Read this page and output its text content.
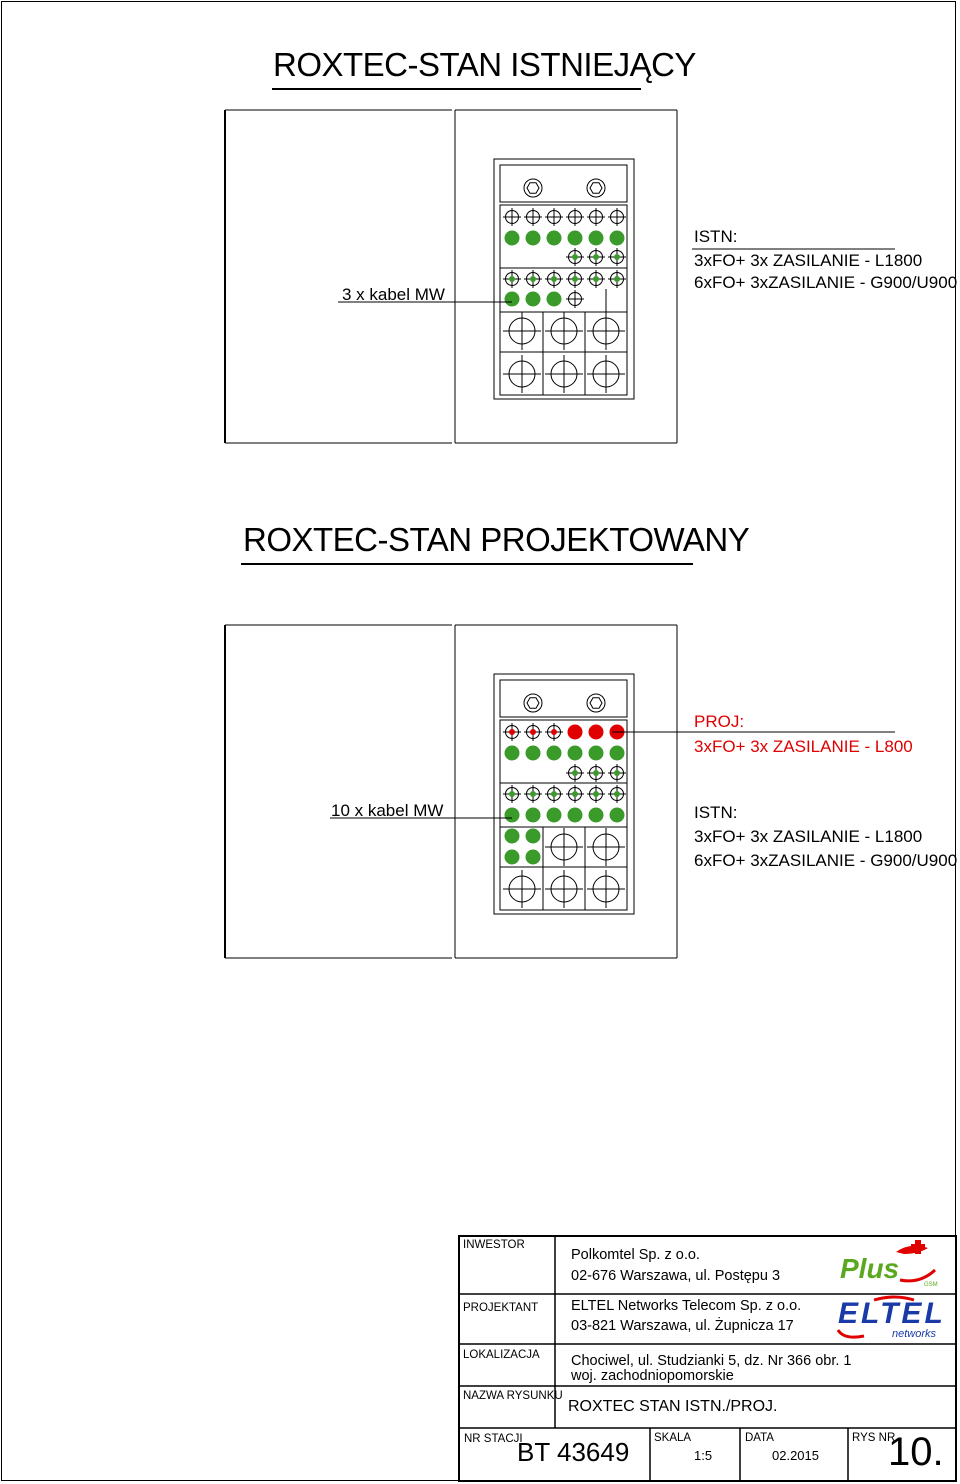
ROXTEC-STAN ISTNIEJĄCY
3 x kabel MW
ISTN:
3xFO+ 3x ZASILANIE - L1800
6xFO+ 3xZASILANIE - G900/U900
ROXTEC-STAN PROJEKTOWANY
PROJ:
3xFO+ 3x ZASILANIE - L800
10 x kabel MW	ISTN:
3xFO+ 3x ZASILANIE - L1800
6xFO+ 3xZASILANIE - G900/U900
INWESTOR
Polkomtel Sp. z o.o.
02-676 Warszawa, ul. Postępu 3
PROJEKTANT ELTEL Networks Telecom Sp. z o.o.
03-821 Warszawa, ul. Żupnicza 17
LOKALIZACJA Chociwel, ul. Studzianki 5, dz. Nr 366 obr. 1
woj. zachodniopomorskie
NAZWA RYSUNKU
ROXTEC STAN ISTN./PROJ.
NR STACJI
BT 43649 SKALA
1:5
DATA
02.2015
RYS NR
10.
Plus
GSM
ELTEL
networks
